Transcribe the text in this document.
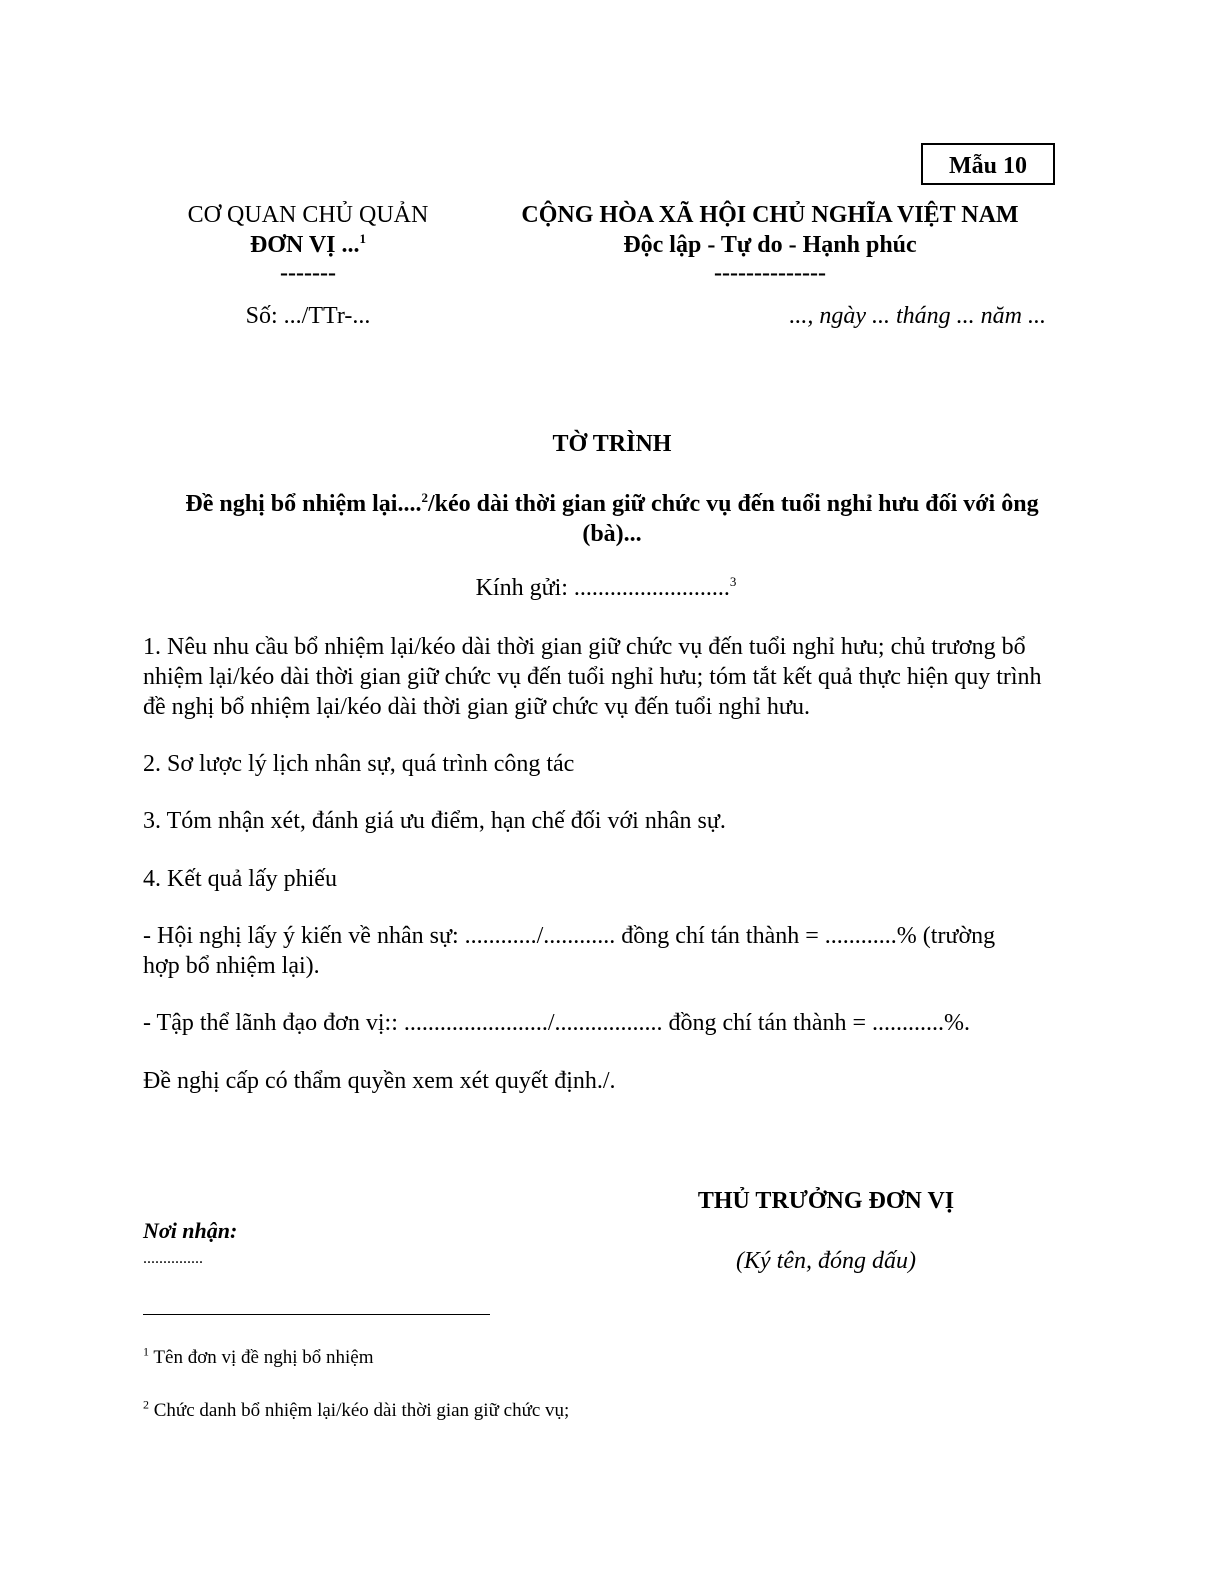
Mẫu 10
CƠ QUAN CHỦ QUẢN
ĐƠN VỊ ...$^1$
-------
Số: .../TTr-...
CỘNG HÒA XÃ HỘI CHỦ NGHĨA VIỆT NAM
Độc lập - Tự do - Hạnh phúc
--------------
..., ngày ... tháng ... năm ...
TỜ TRÌNH
Đề nghị bổ nhiệm lại....$^2$/kéo dài thời gian giữ chức vụ đến tuổi nghỉ hưu đối với ông
(bà)...
Kính gửi: ..........................$^3$
1. Nêu nhu cầu bổ nhiệm lại/kéo dài thời gian giữ chức vụ đến tuổi nghỉ hưu; chủ trương bổ nhiệm lại/kéo dài thời gian giữ chức vụ đến tuổi nghỉ hưu; tóm tắt kết quả thực hiện quy trình đề nghị bổ nhiệm lại/kéo dài thời gian giữ chức vụ đến tuổi nghỉ hưu.
2. Sơ lược lý lịch nhân sự, quá trình công tác
3. Tóm nhận xét, đánh giá ưu điểm, hạn chế đối với nhân sự.
4. Kết quả lấy phiếu
- Hội nghị lấy ý kiến về nhân sự: ............/............ đồng chí tán thành = ............% (trường
hợp bổ nhiệm lại).
- Tập thể lãnh đạo đơn vị:: ......................../.................. đồng chí tán thành = ............%.
Đề nghị cấp có thẩm quyền xem xét quyết định./.
THỦ TRƯỞNG ĐƠN VỊ
(Ký tên, đóng dấu)
Nơi nhận:
...............
$^1$ Tên đơn vị đề nghị bổ nhiệm
$^2$ Chức danh bổ nhiệm lại/kéo dài thời gian giữ chức vụ;
